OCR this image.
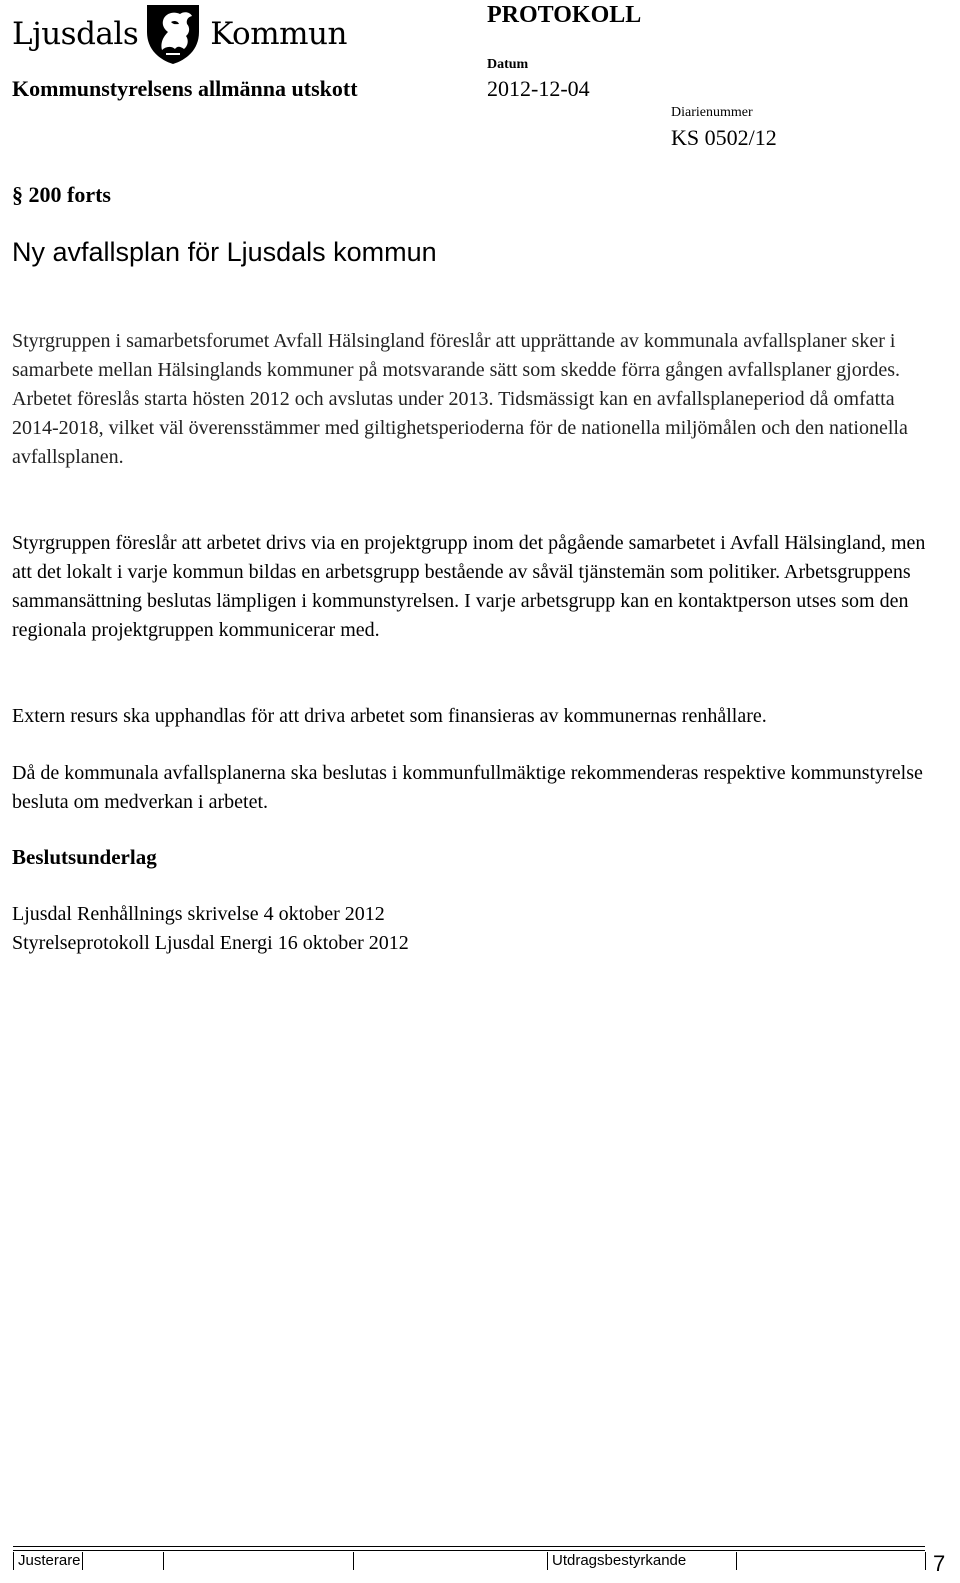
Ljusdals Kommun
PROTOKOLL
Kommunstyrelsens allmänna utskott
Datum
2012-12-04
Diarienummer
KS 0502/12
§ 200 forts
Ny avfallsplan för Ljusdals kommun

Styrgruppen i samarbetsforumet Avfall Hälsingland föreslår att upprättande av kommunala avfallsplaner sker i samarbete mellan Hälsinglands kommuner på motsvarande sätt som skedde förra gången avfallsplaner gjordes. Arbetet föreslås starta hösten 2012 och avslutas under 2013. Tidsmässigt kan en avfallsplaneperiod då omfatta 2014-2018, vilket väl överensstämmer med giltighetsperioderna för de nationella miljömålen och den nationella avfallsplanen.

Styrgruppen föreslår att arbetet drivs via en projektgrupp inom det pågående samarbetet i Avfall Hälsingland, men att det lokalt i varje kommun bildas en arbetsgrupp bestående av såväl tjänstemän som politiker. Arbetsgruppens sammansättning beslutas lämpligen i kommunstyrelsen. I varje arbetsgrupp kan en kontaktperson utses som den regionala projektgruppen kommunicerar med.

Extern resurs ska upphandlas för att driva arbetet som finansieras av kommunernas renhållare.

Då de kommunala avfallsplanerna ska beslutas i kommunfullmäktige rekommenderas respektive kommunstyrelse besluta om medverkan i arbetet.

Beslutsunderlag
Ljusdal Renhållnings skrivelse 4 oktober 2012
Styrelseprotokoll Ljusdal Energi 16 oktober 2012
Justerare	Utdragsbestyrkande	7
